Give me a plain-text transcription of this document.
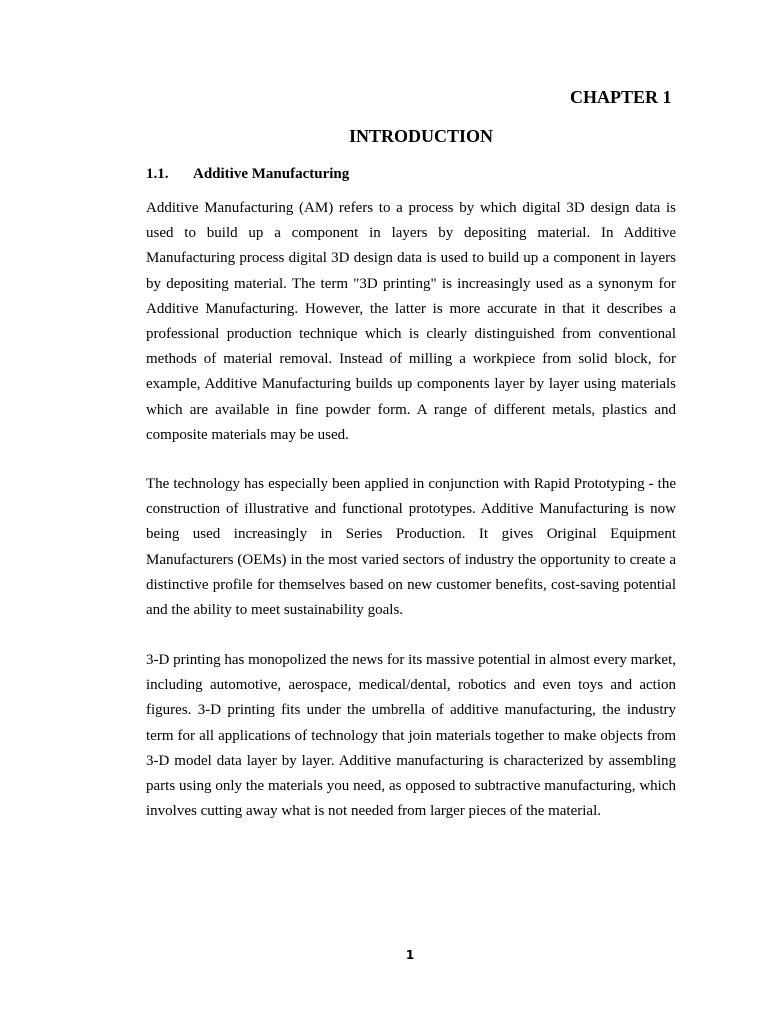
CHAPTER 1
INTRODUCTION
1.1. Additive Manufacturing

Additive Manufacturing (AM) refers to a process by which digital 3D design data is used to build up a component in layers by depositing material. In Additive Manufacturing process digital 3D design data is used to build up a component in layers by depositing material. The term "3D printing" is increasingly used as a synonym for Additive Manufacturing. However, the latter is more accurate in that it describes a professional production technique which is clearly distinguished from conventional methods of material removal. Instead of milling a workpiece from solid block, for example, Additive Manufacturing builds up components layer by layer using materials which are available in fine powder form. A range of different metals, plastics and composite materials may be used.

The technology has especially been applied in conjunction with Rapid Prototyping - the construction of illustrative and functional prototypes. Additive Manufacturing is now being used increasingly in Series Production. It gives Original Equipment Manufacturers (OEMs) in the most varied sectors of industry the opportunity to create a distinctive profile for themselves based on new customer benefits, cost-saving potential and the ability to meet sustainability goals.

3-D printing has monopolized the news for its massive potential in almost every market, including automotive, aerospace, medical/dental, robotics and even toys and action figures. 3-D printing fits under the umbrella of additive manufacturing, the industry term for all applications of technology that join materials together to make objects from 3-D model data layer by layer. Additive manufacturing is characterized by assembling parts using only the materials you need, as opposed to subtractive manufacturing, which involves cutting away what is not needed from larger pieces of the material.

1
